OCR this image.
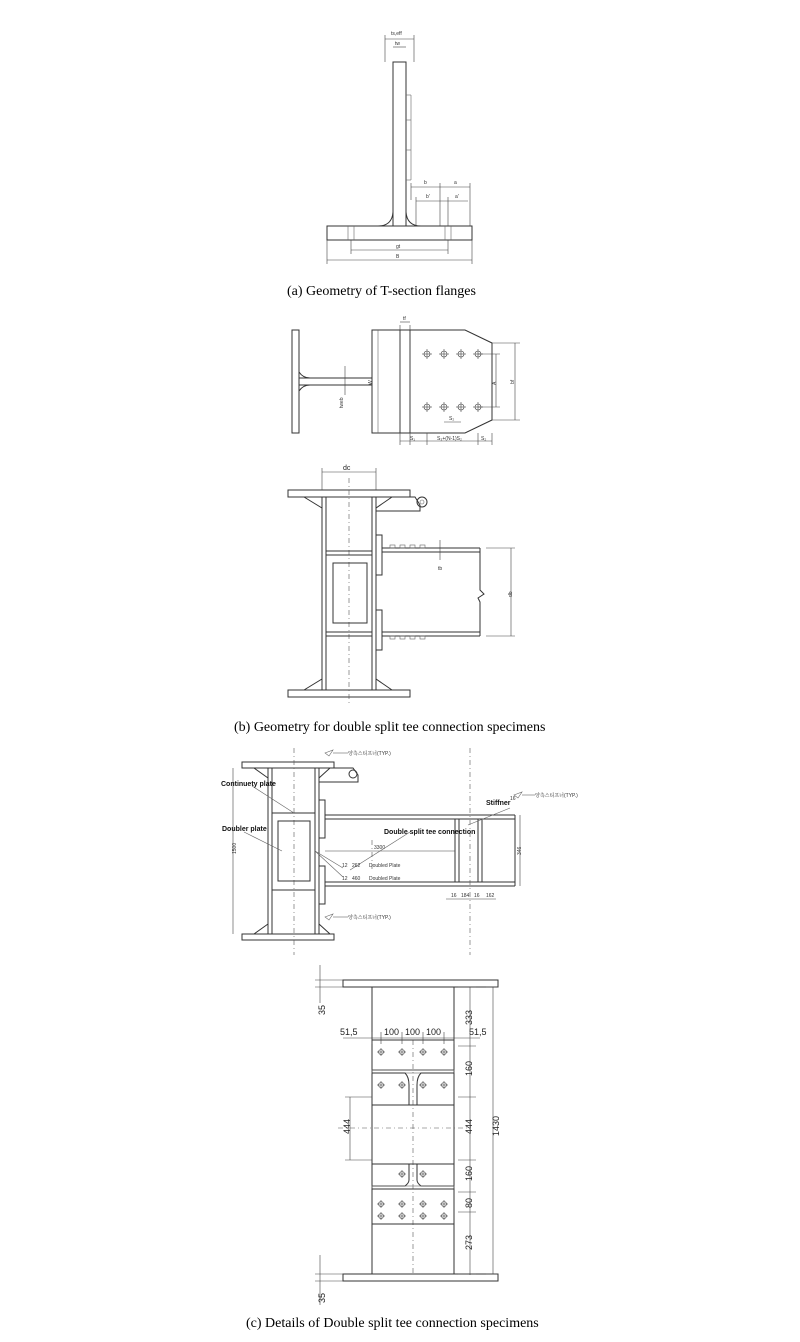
ts,eff
tw
b	a
b'	a'
gt
B
(a) Geometry of T-section flanges
tweb
W
tf
bf
A
S₂
S₁	S₃+(N-1)S₂	S₂
dc
tb
db
(b) Geometry for double split tee connection specimens
1500	346
3300
16 184 16 162
양측스티프너(TYP.)
양측스티프너(TYP.)
양측스티프너(TYP.)
16
Continuety plate
Doubler plate	Double split tee connection
Stiffner
12 262 Doubled Plate
12 460 Doubled Plate
51,5	100 100 100	51,5
35	333
160
444
160
80
273
1430
444
35
(c) Details of Double split tee connection specimens
